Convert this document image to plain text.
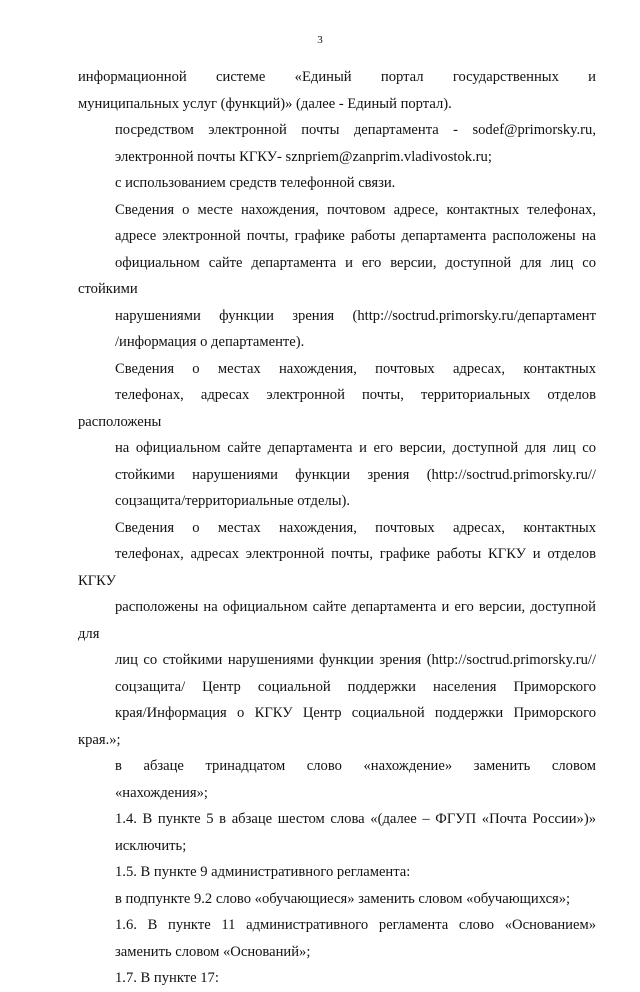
3

информационной системе «Единый портал государственных и
муниципальных услуг (функций)» (далее - Единый портал).

посредством электронной почты департамента - sodef@primorsky.ru,
электронной почты КГКУ- sznpriem@zanprim.vladivostok.ru;

с использованием средств телефонной связи.

Сведения о месте нахождения, почтовом адресе, контактных телефонах,
адресе электронной почты, графике работы департамента расположены на
официальном сайте департамента и его версии, доступной для лиц со стойкими
нарушениями функции зрения (http://soctrud.primorsky.ru/департамент
/информация о департаменте).

Сведения о местах нахождения, почтовых адресах, контактных
телефонах, адресах электронной почты, территориальных отделов расположены
на официальном сайте департамента и его версии, доступной для лиц со
стойкими нарушениями функции зрения (http://soctrud.primorsky.ru//
соцзащита/территориальные отделы).

Сведения о местах нахождения, почтовых адресах, контактных
телефонах, адресах электронной почты, графике работы КГКУ и отделов КГКУ
расположены на официальном сайте департамента и его версии, доступной для
лиц со стойкими нарушениями функции зрения (http://soctrud.primorsky.ru//
соцзащита/ Центр социальной поддержки населения Приморского
края/Информация о КГКУ Центр социальной поддержки Приморского края.»;

в абзаце тринадцатом слово «нахождение» заменить словом
«нахождения»;

1.4. В пункте 5 в абзаце шестом слова «(далее – ФГУП «Почта России»)»
исключить;

1.5. В пункте 9 административного регламента:

в подпункте 9.2 слово «обучающиеся» заменить словом «обучающихся»;

1.6. В пункте 11 административного регламента слово «Основанием»
заменить словом «Оснований»;

1.7. В пункте 17:
